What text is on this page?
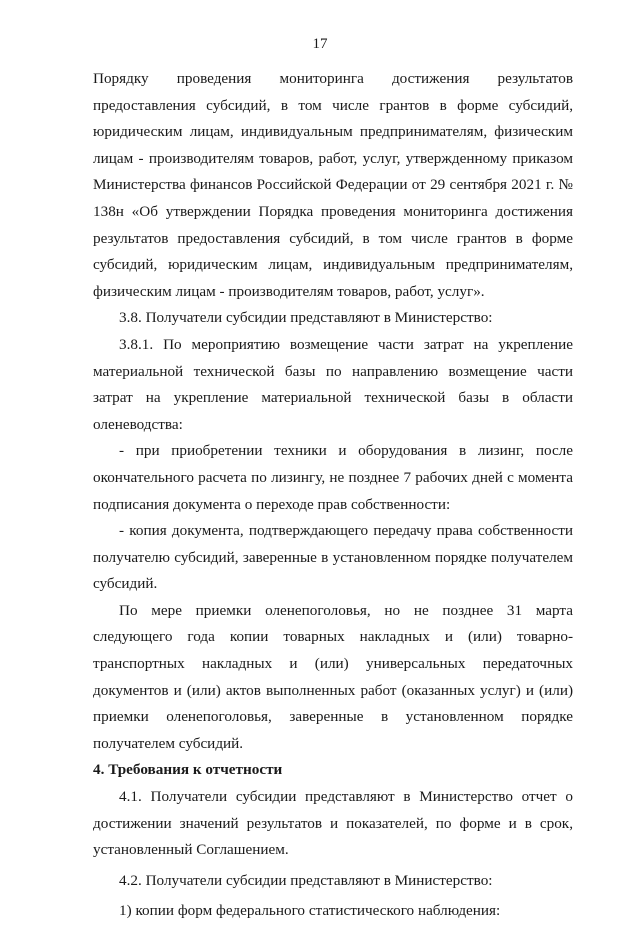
17

Порядку проведения мониторинга достижения результатов предоставления субсидий, в том числе грантов в форме субсидий, юридическим лицам, индивидуальным предпринимателям, физическим лицам - производителям товаров, работ, услуг, утвержденному приказом Министерства финансов Российской Федерации от 29 сентября 2021 г. № 138н «Об утверждении Порядка проведения мониторинга достижения результатов предоставления субсидий, в том числе грантов в форме субсидий, юридическим лицам, индивидуальным предпринимателям, физическим лицам - производителям товаров, работ, услуг».

3.8. Получатели субсидии представляют в Министерство:

3.8.1. По мероприятию возмещение части затрат на укрепление материальной технической базы по направлению возмещение части затрат на укрепление материальной технической базы в области оленеводства:

- при приобретении техники и оборудования в лизинг, после окончательного расчета по лизингу, не позднее 7 рабочих дней с момента подписания документа о переходе прав собственности:

- копия документа, подтверждающего передачу права собственности получателю субсидий, заверенные в установленном порядке получателем субсидий.

По мере приемки оленепоголовья, но не позднее 31 марта следующего года копии товарных накладных и (или) товарно-транспортных накладных и (или) универсальных передаточных документов и (или) актов выполненных работ (оказанных услуг) и (или) приемки оленепоголовья, заверенные в установленном порядке получателем субсидий.

4. Требования к отчетности

4.1. Получатели субсидии представляют в Министерство отчет о достижении значений результатов и показателей, по форме и в срок, установленный Соглашением.

4.2. Получатели субсидии представляют в Министерство:

1) копии форм федерального статистического наблюдения:
